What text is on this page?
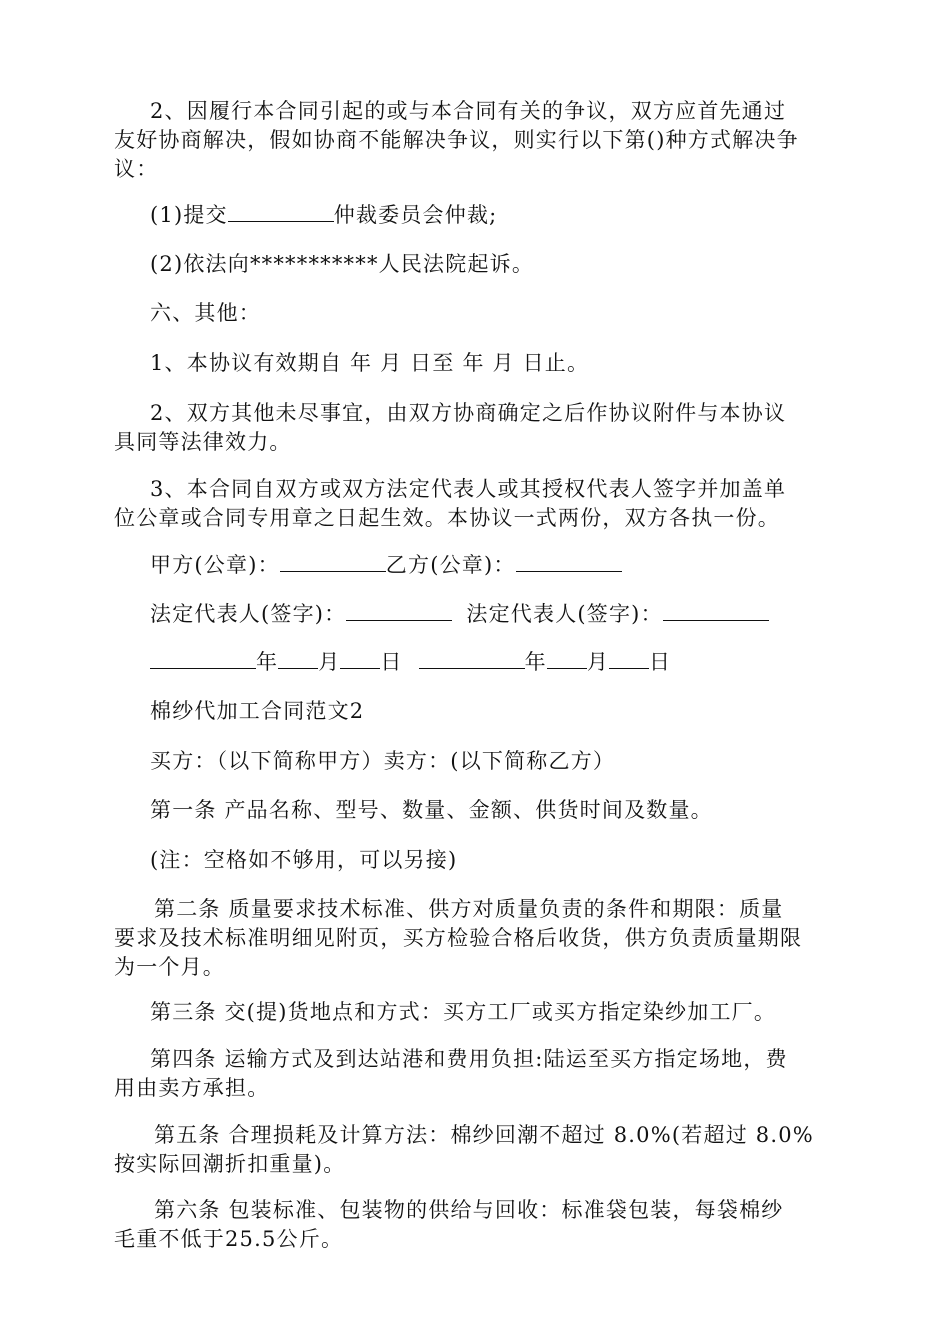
2、因履行本合同引起的或与本合同有关的争议，双方应首先通过
友好协商解决，假如协商不能解决争议，则实行以下第()种方式解决争
议：
(1)提交	仲裁委员会仲裁;
(2)依法向***********人民法院起诉。
六、其他：
1、本协议有效期自 年 月 日至 年 月 日止。
2、双方其他未尽事宜，由双方协商确定之后作协议附件与本协议
具同等法律效力。
3、本合同自双方或双方法定代表人或其授权代表人签字并加盖单
位公章或合同专用章之日起生效。本协议一式两份，双方各执一份。
甲方(公章)：	乙方(公章)：
法定代表人(签字)：	法定代表人(签字)：
年 月 日	年 月 日
棉纱代加工合同范文2
买方：（以下简称甲方）卖方：(以下简称乙方）
第一条 产品名称、型号、数量、金额、供货时间及数量。
(注：空格如不够用，可以另接)
第二条 质量要求技术标准、供方对质量负责的条件和期限：质量
要求及技术标准明细见附页，买方检验合格后收货，供方负责质量期限
为一个月。
第三条 交(提)货地点和方式：买方工厂或买方指定染纱加工厂。
第四条 运输方式及到达站港和费用负担:陆运至买方指定场地，费
用由卖方承担。
第五条 合理损耗及计算方法：棉纱回潮不超过 8.0%(若超过 8.0%
按实际回潮折扣重量)。
第六条 包装标准、包装物的供给与回收：标准袋包装，每袋棉纱
毛重不低于25.5公斤。
